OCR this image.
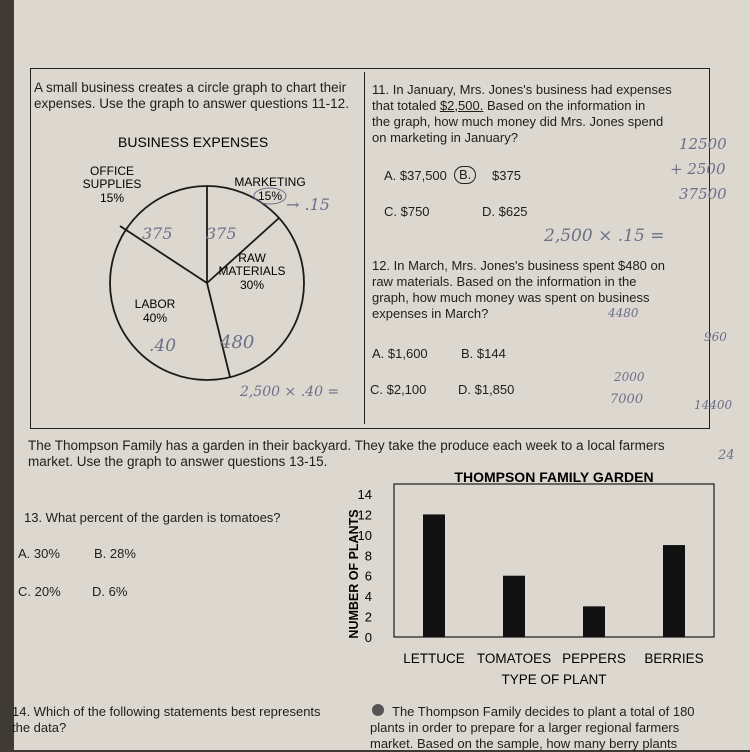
A small business creates a circle graph to chart their expenses. Use the graph to answer questions 11-12.
BUSINESS EXPENSES
OFFICE
SUPPLIES
15%
MARKETING
15%
RAW
MATERIALS
30%
LABOR
40%
375 375
.40 480
→ .15
11. In January, Mrs. Jones's business had expenses
that totaled $2,500. Based on the information in
the graph, how much money did Mrs. Jones spend
on marketing in January?
A. $37,500 B.	$375
C. $750	D. $625
2,500 × .15 =
12. In March, Mrs. Jones's business spent $480 on
raw materials. Based on the information in the
graph, how much money was spent on business
expenses in March?
A. $1,600	B. $144
C. $2,100 D. $1,850
2,500 × .40 =
12500
+ 2500
37500
4480
960
2000
7000	14400
24
The Thompson Family has a garden in their backyard. They take the produce each week to a local farmers market. Use the graph to answer questions 13-15.
13. What percent of the garden is tomatoes?
A. 30%	B. 28%
C. 20% D. 6%
THOMPSON FAMILY GARDEN
NUMBER OF PLANTS
TYPE OF PLANT
0
2
4
6
8
10
12
14
LETTUCE TOMATOES PEPPERS BERRIES
14. Which of the following statements best represents
the data?
The Thompson Family decides to plant a total of 180
plants in order to prepare for a larger regional farmers
market. Based on the sample, how many berry plants
